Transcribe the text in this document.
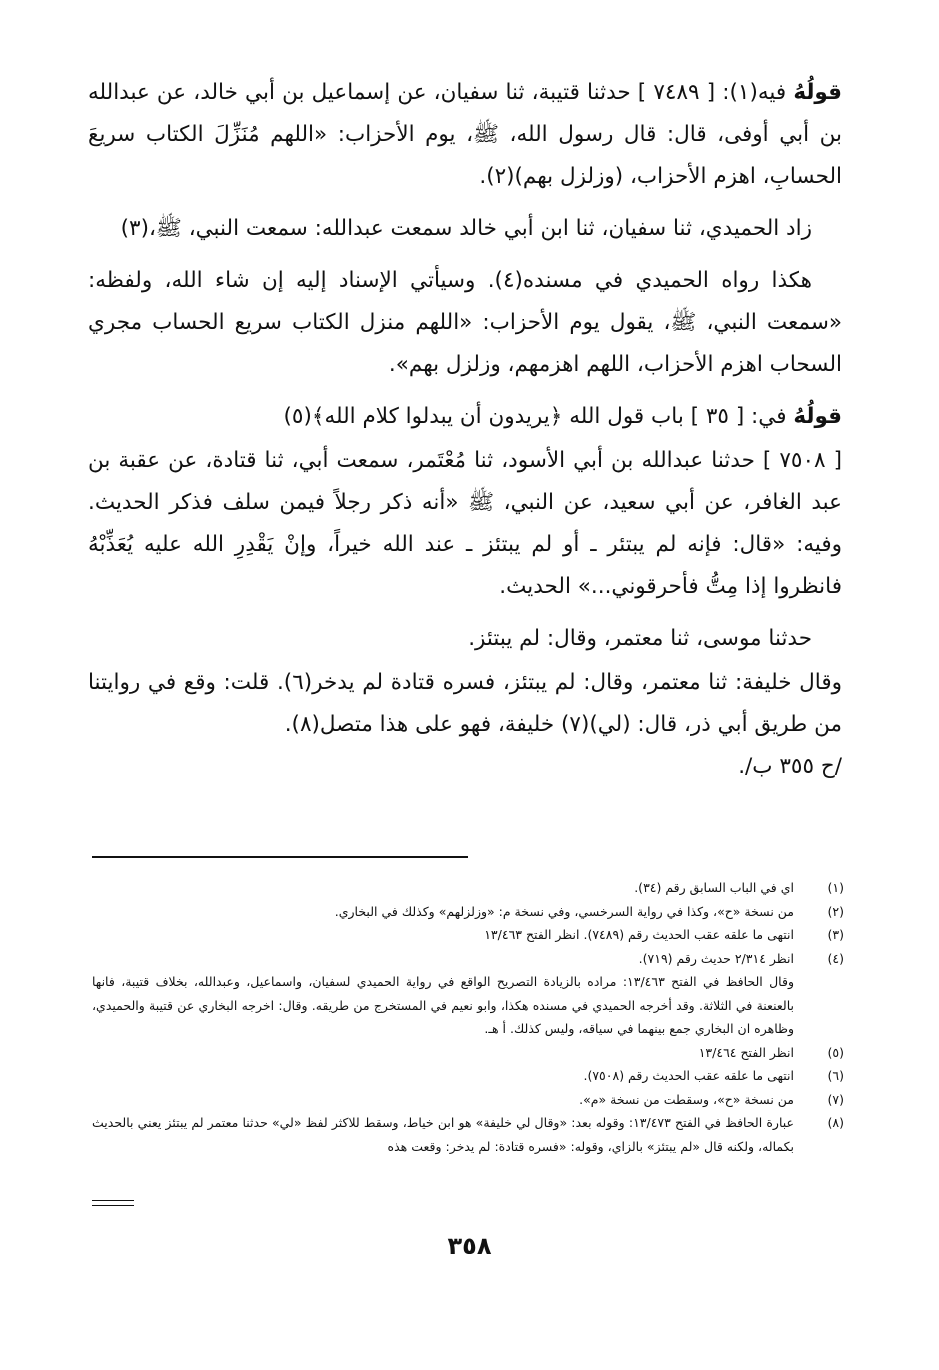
قولُهُ فيه(١): [ ٧٤٨٩ ] حدثنا قتيبة، ثنا سفيان، عن إسماعيل بن أبي خالد، عن عبدالله بن أبي أوفى، قال: قال رسول الله، ﷺ، يوم الأحزاب: «اللهم مُنَزِّلَ الكتاب سريعَ الحسابِ، اهزم الأحزاب، (وزلزل بهم)(٢).

زاد الحميدي، ثنا سفيان، ثنا ابن أبي خالد سمعت عبدالله: سمعت النبي، ﷺ،(٣)

هكذا رواه الحميدي في مسنده(٤). وسيأتي الإسناد إليه إن شاء الله، ولفظه: «سمعت النبي، ﷺ، يقول يوم الأحزاب: «اللهم منزل الكتاب سريع الحساب مجري السحاب اهزم الأحزاب، اللهم اهزمهم، وزلزل بهم».

قولُهُ في: [ ٣٥ ] باب قول الله ﴿يريدون أن يبدلوا كلام الله﴾(٥)

[ ٧٥٠٨ ] حدثنا عبدالله بن أبي الأسود، ثنا مُعْتَمر، سمعت أبي، ثنا قتادة، عن عقبة بن عبد الغافر، عن أبي سعيد، عن النبي، ﷺ «أنه ذكر رجلاً فيمن سلف فذكر الحديث. وفيه: «قال: فإنه لم يبتئر ـ أو لم يبتئز ـ عند الله خيراً، وإنْ يَقْدِرِ الله عليه يُعَذِّبْهُ فانظروا إذا مِتُّ فأحرقوني...» الحديث.

حدثنا موسى، ثنا معتمر، وقال: لم يبتئز.

وقال خليفة: ثنا معتمر، وقال: لم يبتئز، فسره قتادة لم يدخر(٦). قلت: وقع في روايتنا من طريق أبي ذر، قال: (لي)(٧) خليفة، فهو على هذا متصل(٨).

/ح ٣٥٥ ب/.

(١)
اي في الباب السابق رقم (٣٤).
(٢)
من نسخة «ح»، وكذا في رواية السرخسي، وفي نسخة م: «وزلزلهم» وكذلك في البخاري.
(٣)
انتهى ما علقه عقب الحديث رقم (٧٤٨٩). انظر الفتح ١٣/٤٦٣
(٤)
انظر ٢/٣١٤ حديث رقم (٧١٩).
وقال الحافظ في الفتح ١٣/٤٦٣: مراده بالزيادة التصريح الواقع في رواية الحميدي لسفيان، واسماعيل، وعبدالله، بخلاف قتيبة، فانها بالعنعنة في الثلاثة. وقد أخرجه الحميدي في مسنده هكذا، وابو نعيم في المستخرج من طريقه. وقال: اخرجه البخاري عن قتيبة والحميدي، وظاهره ان البخاري جمع بينهما في سياقه، وليس كذلك. أ هـ.
(٥)
انظر الفتح ١٣/٤٦٤
(٦)
انتهى ما علقه عقب الحديث رقم (٧٥٠٨).
(٧)
من نسخة «ح»، وسقطت من نسخة «م».
(٨)
عبارة الحافظ في الفتح ١٣/٤٧٣: وقوله بعد: «وقال لي خليفة» هو ابن خياط، وسقط للاكثر لفظ «لي» حدثنا معتمر لم يبتئز يعني بالحديث بكماله، ولكنه قال «لم يبتئز» بالزاي، وقوله: «فسره قتادة: لم يدخر: وقعت هذه
٣٥٨
